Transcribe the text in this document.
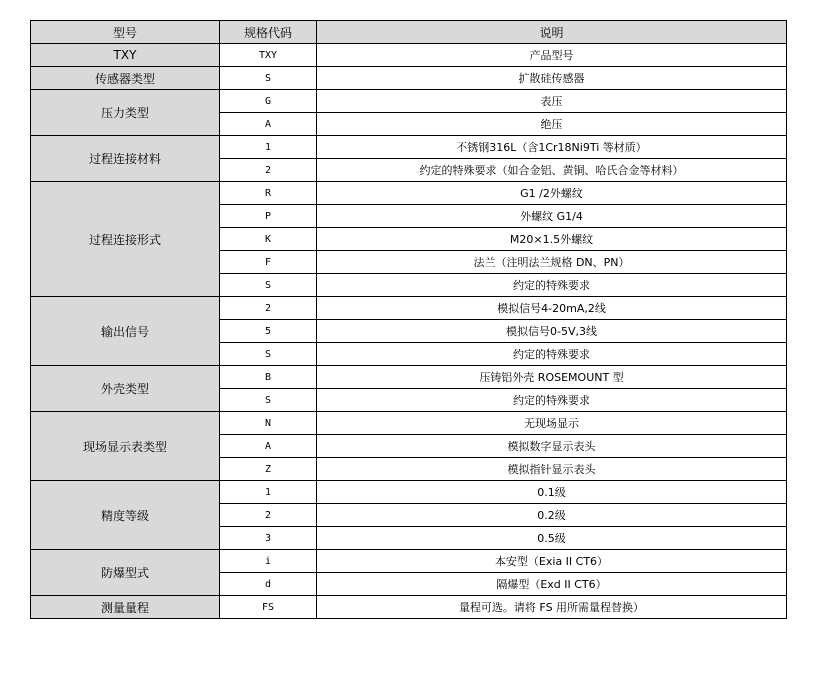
型号	规格代码	说明
TXY	TXY	产品型号
传感器类型	S	扩散硅传感器
压力类型	G	表压
	A	绝压
过程连接材料	1	不锈钢316L（含1Cr18Ni9Ti 等材质）
	2	约定的特殊要求（如合金铝、黄铜、哈氏合金等材料）
过程连接形式	R	G1 /2外螺纹
	P	外螺纹 G1/4
	K	M20×1.5外螺纹
	F	法兰（注明法兰规格 DN、PN）
	S	约定的特殊要求
输出信号	2	模拟信号4-20mA,2线
	5	模拟信号0-5V,3线
	S	约定的特殊要求
外壳类型	B	压铸铝外壳 ROSEMOUNT 型
	S	约定的特殊要求
现场显示表类型	N	无现场显示
	A	模拟数字显示表头
	Z	模拟指针显示表头
精度等级	1	0.1级
	2	0.2级
	3	0.5级
防爆型式	i	本安型（Exia II CT6）
	d	隔爆型（Exd II CT6）
测量量程	FS	量程可选。请将 FS 用所需量程替换）
